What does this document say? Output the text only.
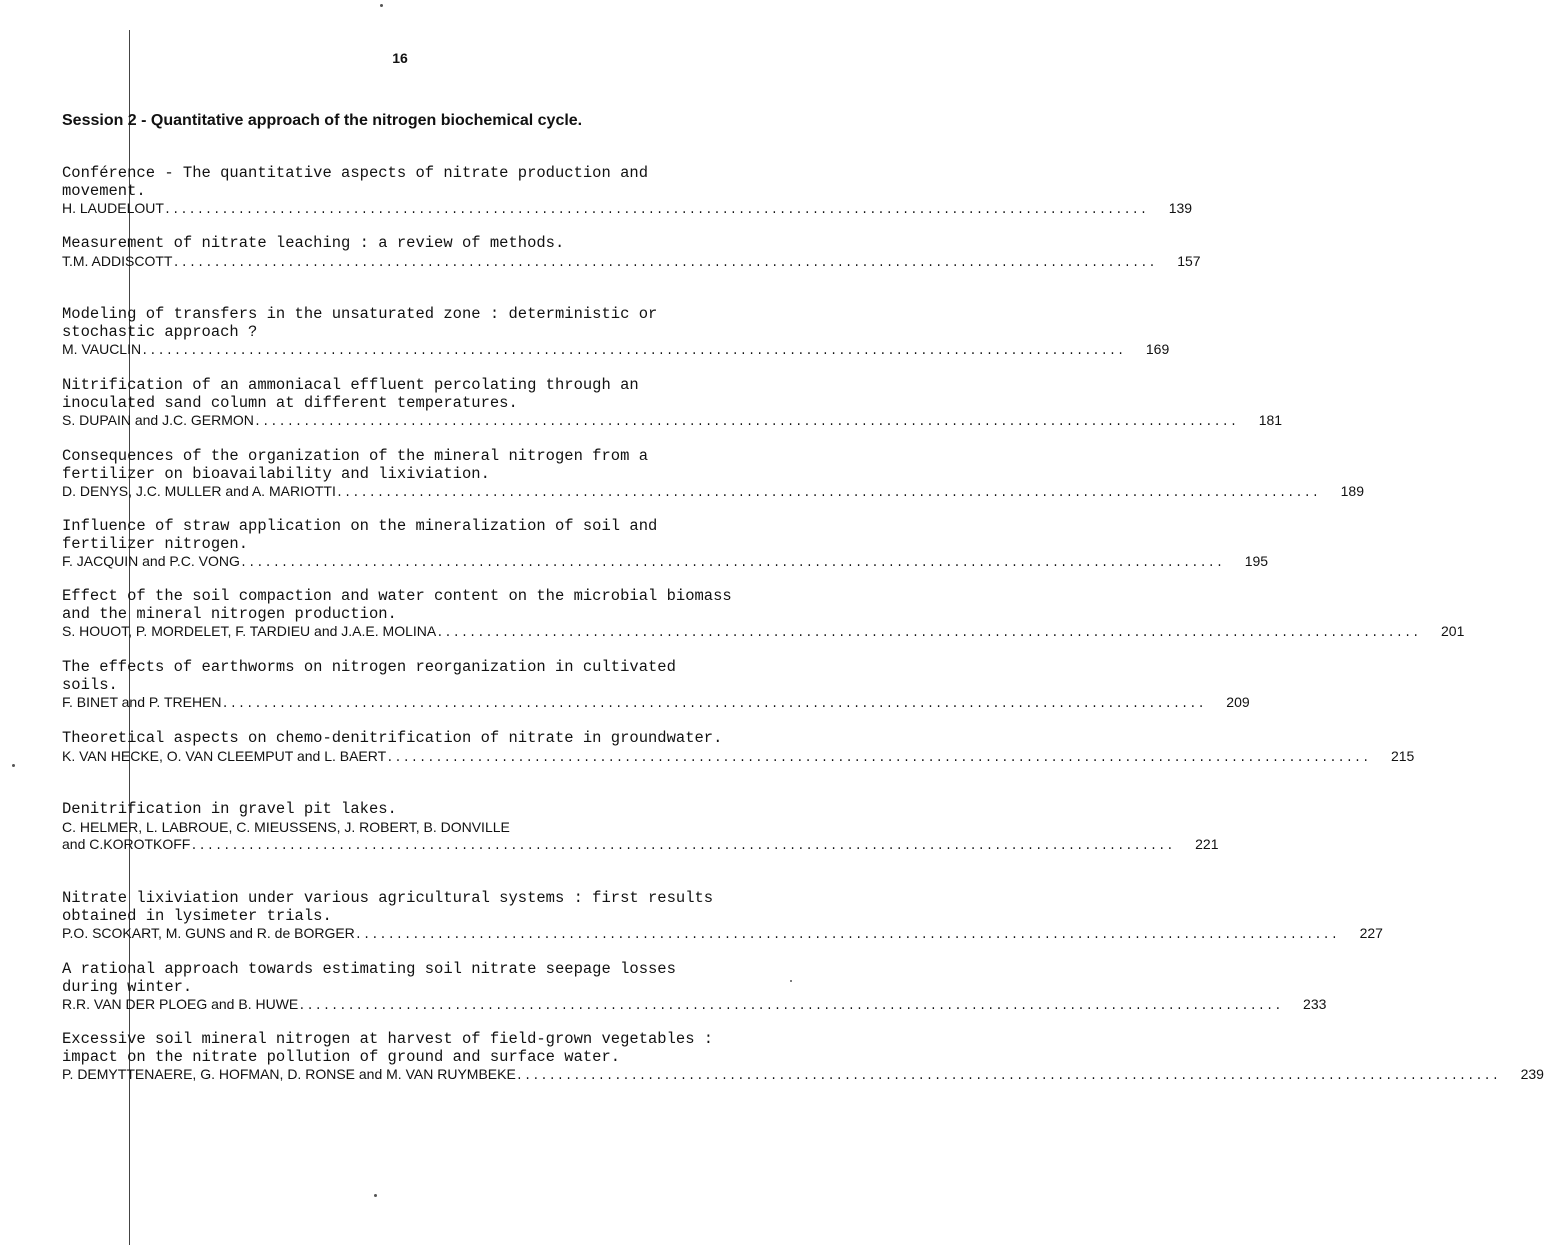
16
Session 2 - Quantitative approach of the nitrogen biochemical cycle.
Conférence - The quantitative aspects of nitrate production and movement.
H. LAUDELOUT ........................................................................................................................	139
Measurement of nitrate leaching : a review of methods.
T.M. ADDISCOTT ........................................................................................................................	157
Modeling of transfers in the unsaturated zone : deterministic or stochastic approach ?
M. VAUCLIN ........................................................................................................................	169
Nitrification of an ammoniacal effluent percolating through an inoculated sand column at different temperatures.
S. DUPAIN and J.C. GERMON ........................................................................................................................	181
Consequences of the organization of the mineral nitrogen from a fertilizer on bioavailability and lixiviation.
D. DENYS, J.C. MULLER and A. MARIOTTI ........................................................................................................................	189
Influence of straw application on the mineralization of soil and fertilizer nitrogen.
F. JACQUIN and P.C. VONG ........................................................................................................................	195
Effect of the soil compaction and water content on the microbial biomass and the mineral nitrogen production.
S. HOUOT, P. MORDELET, F. TARDIEU and J.A.E. MOLINA ........................................................................................................................	201
The effects of earthworms on nitrogen reorganization in cultivated soils.
F. BINET and P. TREHEN ........................................................................................................................	209
Theoretical aspects on chemo-denitrification of nitrate in groundwater.
K. VAN HECKE, O. VAN CLEEMPUT and L. BAERT ........................................................................................................................	215
Denitrification in gravel pit lakes.
C. HELMER, L. LABROUE, C. MIEUSSENS, J. ROBERT, B. DONVILLE
and C.KOROTKOFF ........................................................................................................................	221
Nitrate lixiviation under various agricultural systems : first results obtained in lysimeter trials.
P.O. SCOKART, M. GUNS and R. de BORGER ........................................................................................................................	227
A rational approach towards estimating soil nitrate seepage losses during winter.
R.R. VAN DER PLOEG and B. HUWE ........................................................................................................................	233
Excessive soil mineral nitrogen at harvest of field-grown vegetables : impact on the nitrate pollution of ground and surface water.
P. DEMYTTENAERE, G. HOFMAN, D. RONSE and M. VAN RUYMBEKE ........................................................................................................................	239
